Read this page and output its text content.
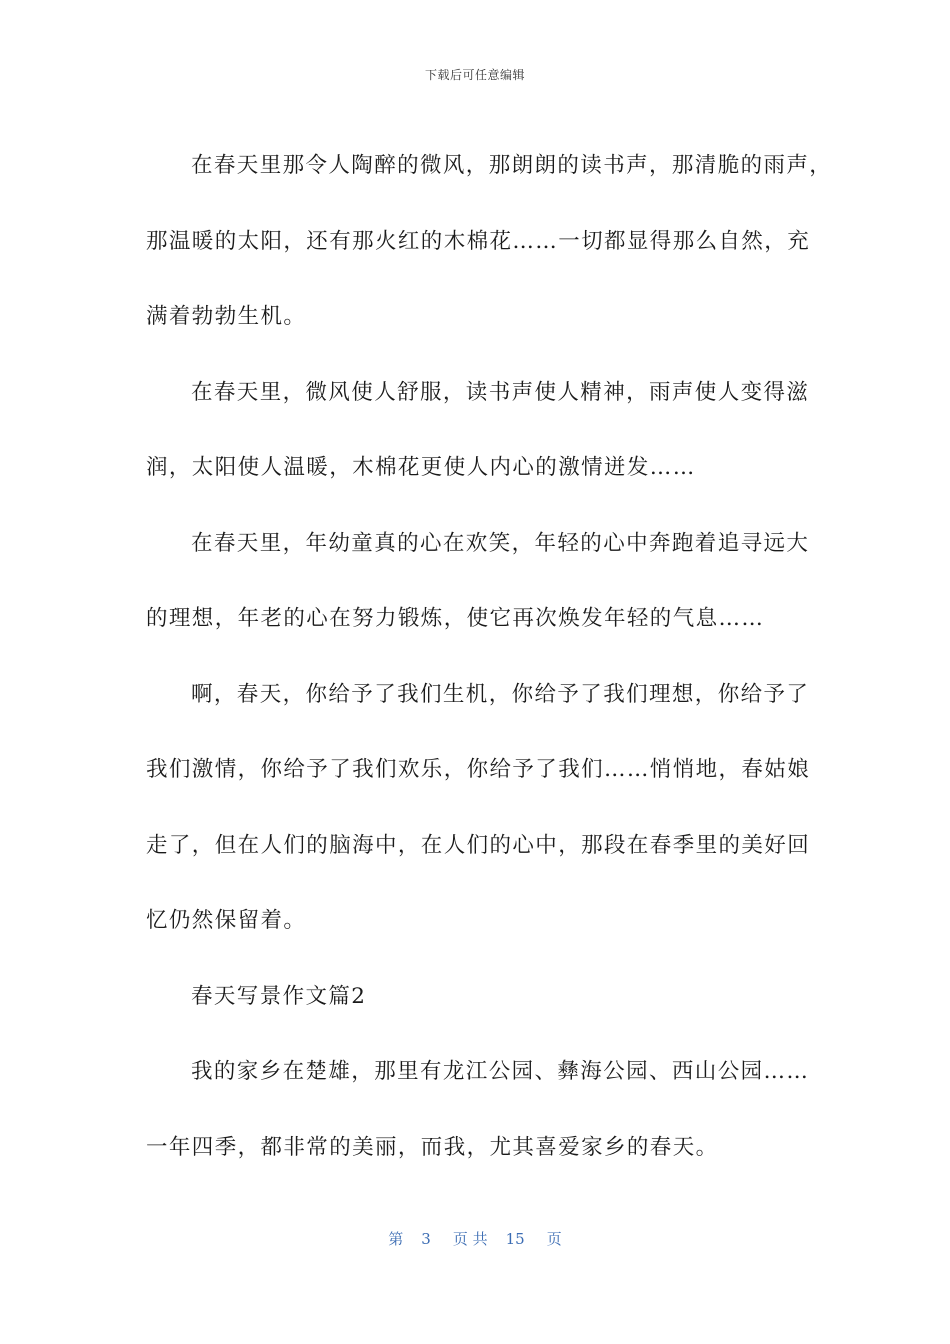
下载后可任意编辑
在春天里那令人陶醉的微风，那朗朗的读书声，那清脆的雨声，
那温暖的太阳，还有那火红的木棉花……一切都显得那么自然，充
满着勃勃生机。
在春天里，微风使人舒服，读书声使人精神，雨声使人变得滋
润，太阳使人温暖，木棉花更使人内心的激情迸发……
在春天里，年幼童真的心在欢笑，年轻的心中奔跑着追寻远大
的理想，年老的心在努力锻炼，使它再次焕发年轻的气息……
啊，春天，你给予了我们生机，你给予了我们理想，你给予了
我们激情，你给予了我们欢乐，你给予了我们……悄悄地，春姑娘
走了，但在人们的脑海中，在人们的心中，那段在春季里的美好回
忆仍然保留着。
春天写景作文篇2
我的家乡在楚雄，那里有龙江公园、彝海公园、西山公园……
一年四季，都非常的美丽，而我，尤其喜爱家乡的春天。
第 3 页 共 15 页
